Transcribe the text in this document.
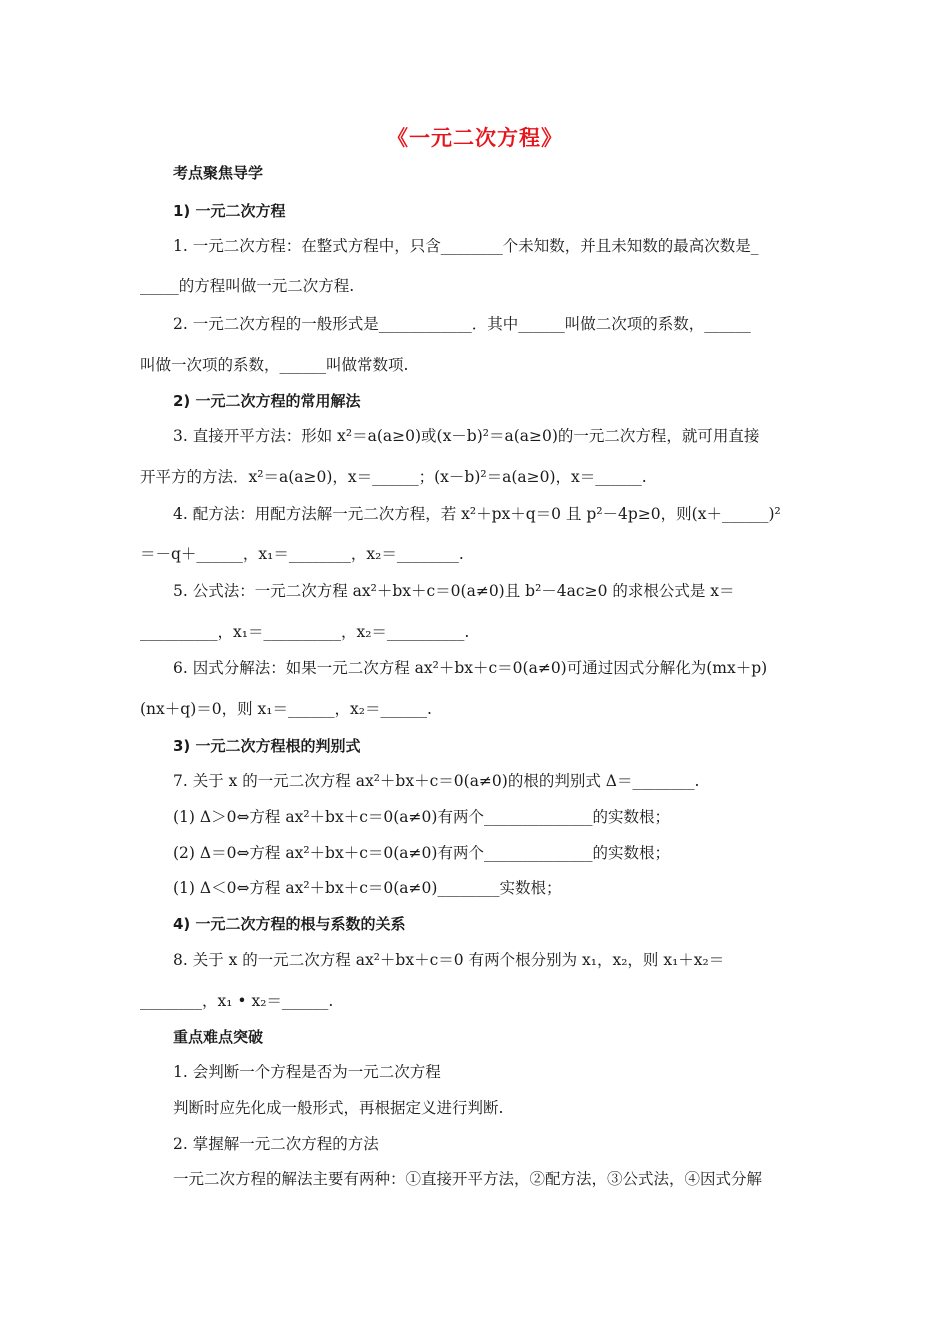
《一元二次方程》
考点聚焦导学
1) 一元二次方程
1. 一元二次方程：在整式方程中，只含________个未知数，并且未知数的最高次数是_
_____的方程叫做一元二次方程.
2. 一元二次方程的一般形式是____________．其中______叫做二次项的系数，______
叫做一次项的系数，______叫做常数项.
2) 一元二次方程的常用解法
3. 直接开平方法：形如 x²＝a(a≥0)或(x－b)²＝a(a≥0)的一元二次方程，就可用直接
开平方的方法．x²＝a(a≥0)，x＝______；(x－b)²＝a(a≥0)，x＝______.
4. 配方法：用配方法解一元二次方程，若 x²＋px＋q＝0 且 p²－4p≥0，则(x＋______)²
＝－q＋______，x₁＝________，x₂＝________.
5. 公式法：一元二次方程 ax²＋bx＋c＝0(a≠0)且 b²－4ac≥0 的求根公式是 x＝
__________，x₁＝__________，x₂＝__________.
6. 因式分解法：如果一元二次方程 ax²＋bx＋c＝0(a≠0)可通过因式分解化为(mx＋p)
(nx＋q)＝0，则 x₁＝______，x₂＝______.
3) 一元二次方程根的判别式
7. 关于 x 的一元二次方程 ax²＋bx＋c＝0(a≠0)的根的判别式 Δ＝________.
(1) Δ＞0⇔方程 ax²＋bx＋c＝0(a≠0)有两个______________的实数根；
(2) Δ＝0⇔方程 ax²＋bx＋c＝0(a≠0)有两个______________的实数根；
(1) Δ＜0⇔方程 ax²＋bx＋c＝0(a≠0)________实数根；
4) 一元二次方程的根与系数的关系
8. 关于 x 的一元二次方程 ax²＋bx＋c＝0 有两个根分别为 x₁，x₂，则 x₁＋x₂＝
________，x₁ • x₂＝______.
重点难点突破
1. 会判断一个方程是否为一元二次方程
判断时应先化成一般形式，再根据定义进行判断.
2. 掌握解一元二次方程的方法
一元二次方程的解法主要有两种：①直接开平方法，②配方法，③公式法，④因式分解
